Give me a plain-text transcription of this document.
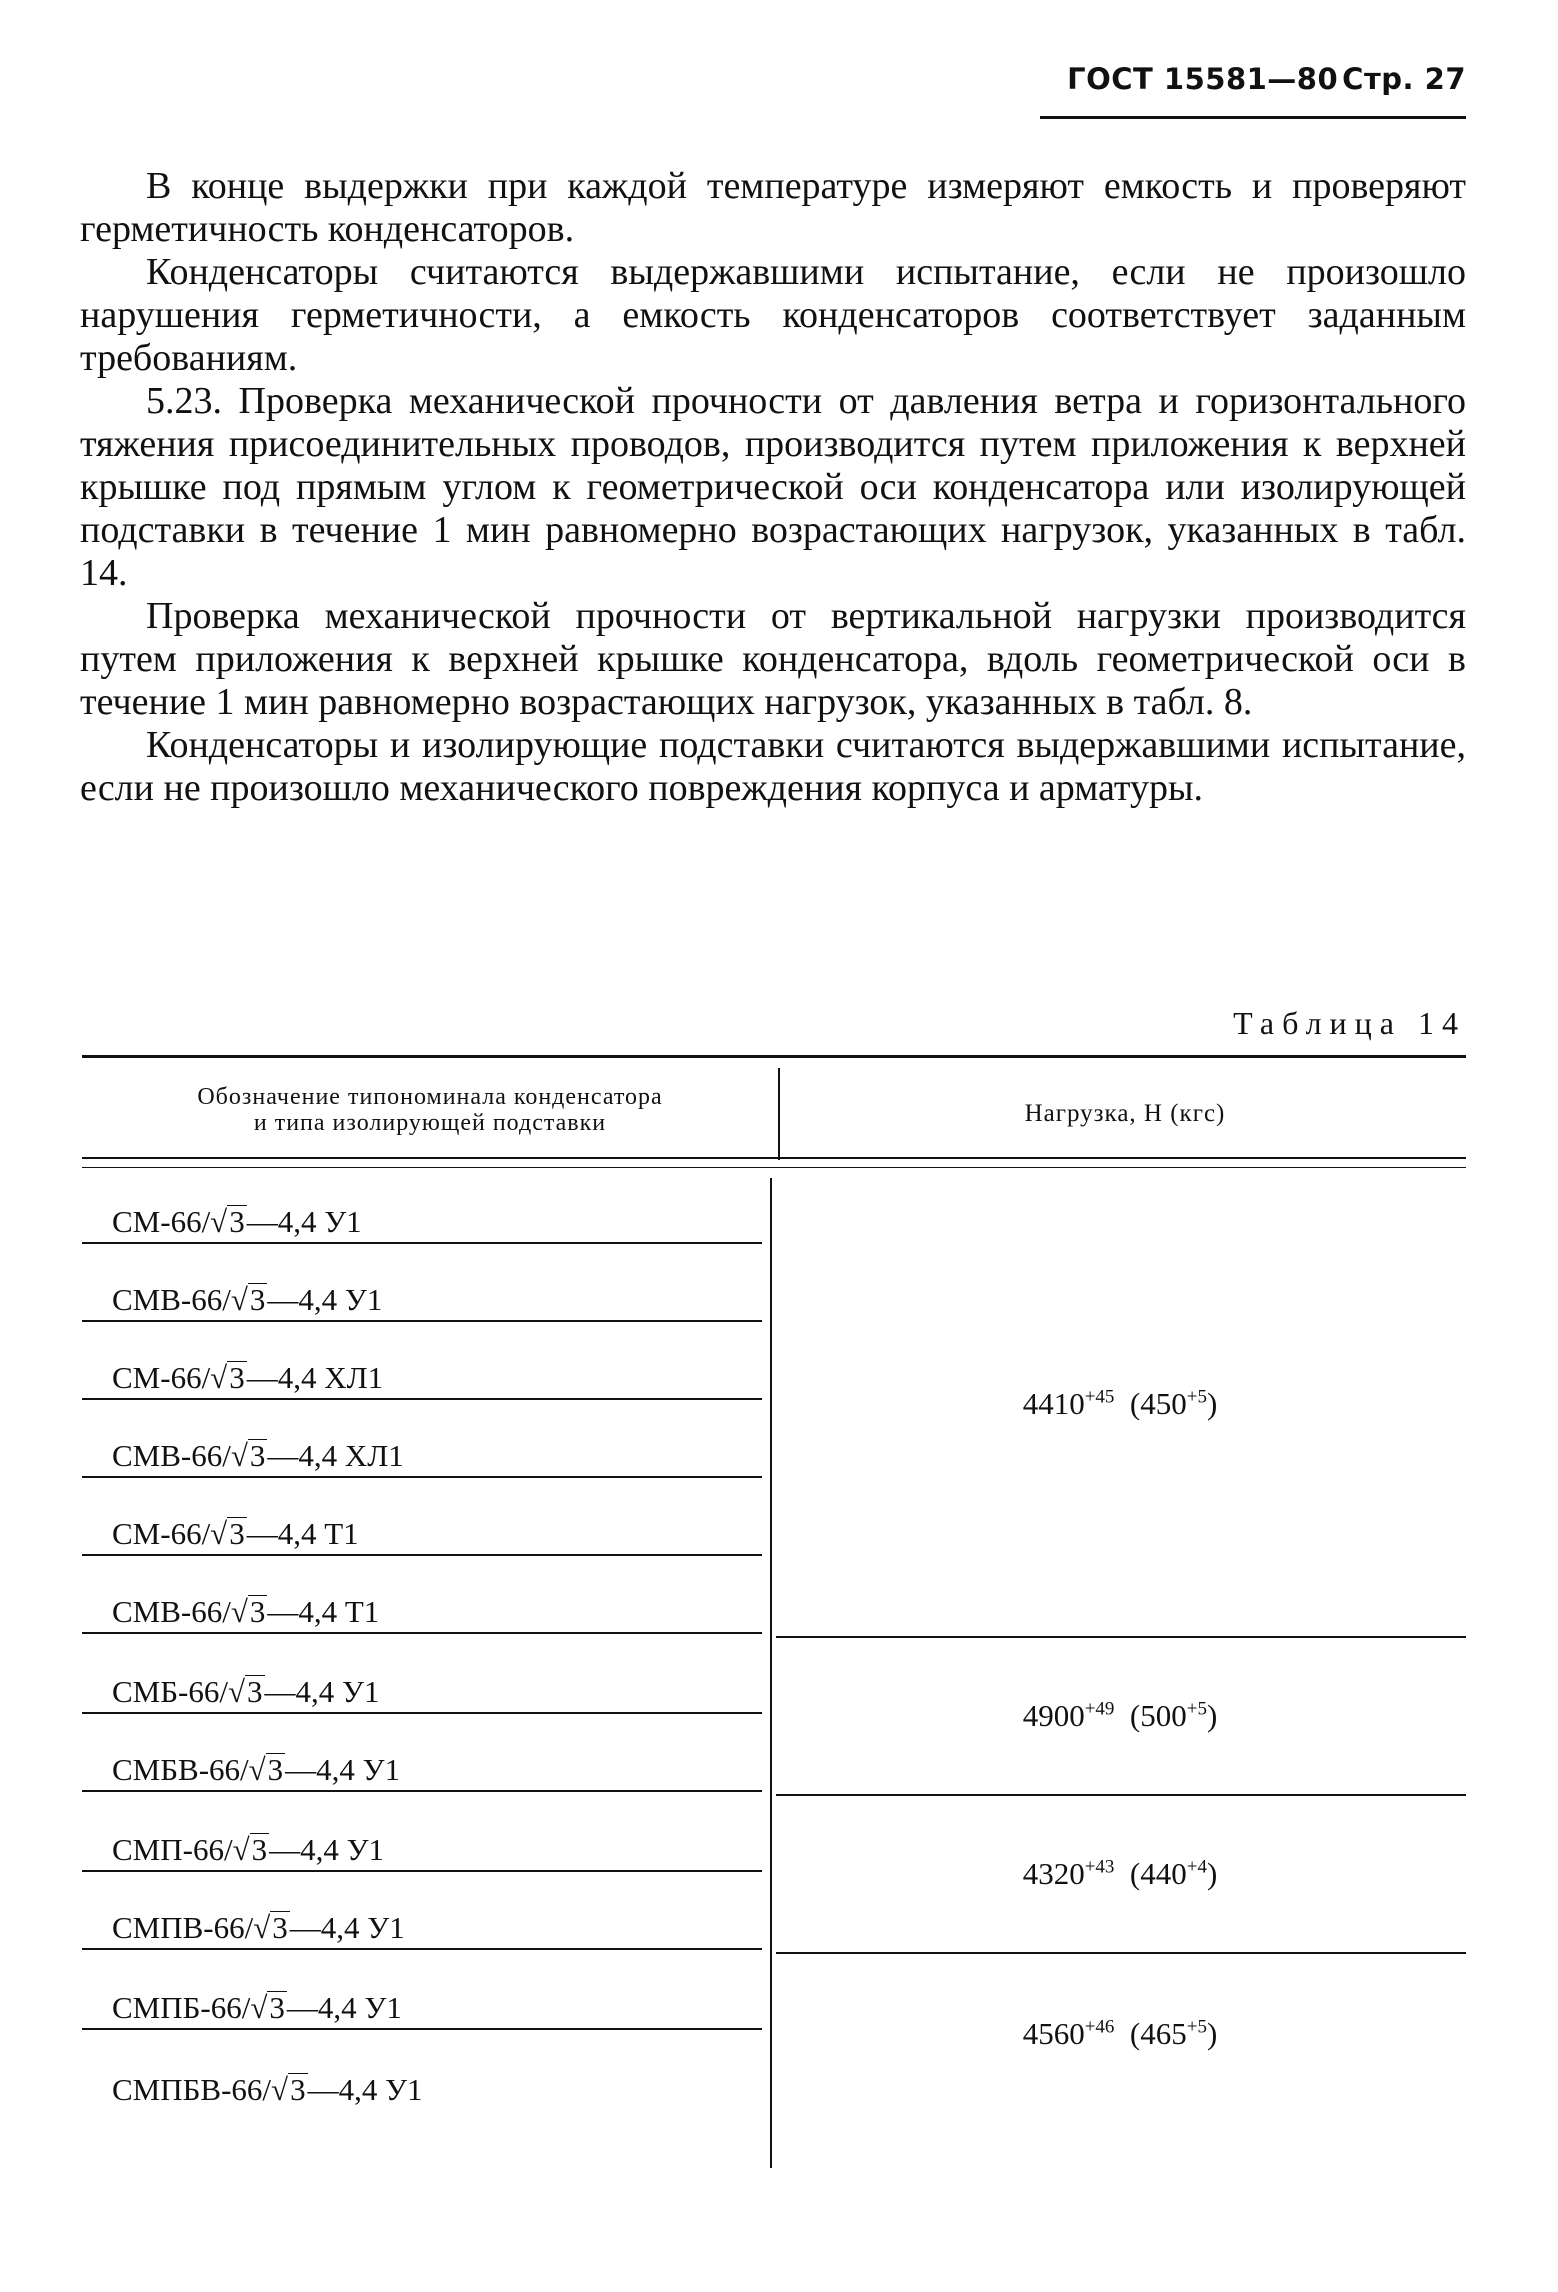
ГОСТ 15581—80 Стр. 27

В конце выдержки при каждой температуре измеряют емкость и проверяют герметичность конденсаторов.

Конденсаторы считаются выдержавшими испытание, если не произошло нарушения герметичности, а емкость конденсаторов соответствует заданным требованиям.

5.23. Проверка механической прочности от давления ветра и горизонтального тяжения присоединительных проводов, производится путем приложения к верхней крышке под прямым углом к геометрической оси конденсатора или изолирующей подставки в течение 1 мин равномерно возрастающих нагрузок, указанных в табл. 14.

Проверка механической прочности от вертикальной нагрузки производится путем приложения к верхней крышке конденсатора, вдоль геометрической оси в течение 1 мин равномерно возрастающих нагрузок, указанных в табл. 8.

Конденсаторы и изолирующие подставки считаются выдержавшими испытание, если не произошло механического повреждения корпуса и арматуры.

Таблица 14
Обозначение типономинала конденсатора
и типа изолирующей подставки	Нагрузка, Н (кгс)
СМ-66/√3—4,4 У1
СМВ-66/√3—4,4 У1
СМ-66/√3—4,4 ХЛ1
СМВ-66/√3—4,4 ХЛ1
СМ-66/√3—4,4 Т1
СМВ-66/√3—4,4 Т1
СМБ-66/√3—4,4 У1
СМБВ-66/√3—4,4 У1
СМП-66/√3—4,4 У1
СМПВ-66/√3—4,4 У1
СМПБ-66/√3—4,4 У1
СМПБВ-66/√3—4,4 У1
$4410^{+45}$ $(450^{+5})$
$4900^{+49}$ $(500^{+5})$
$4320^{+43}$ $(440^{+4})$
$4560^{+46}$ $(465^{+5})$
